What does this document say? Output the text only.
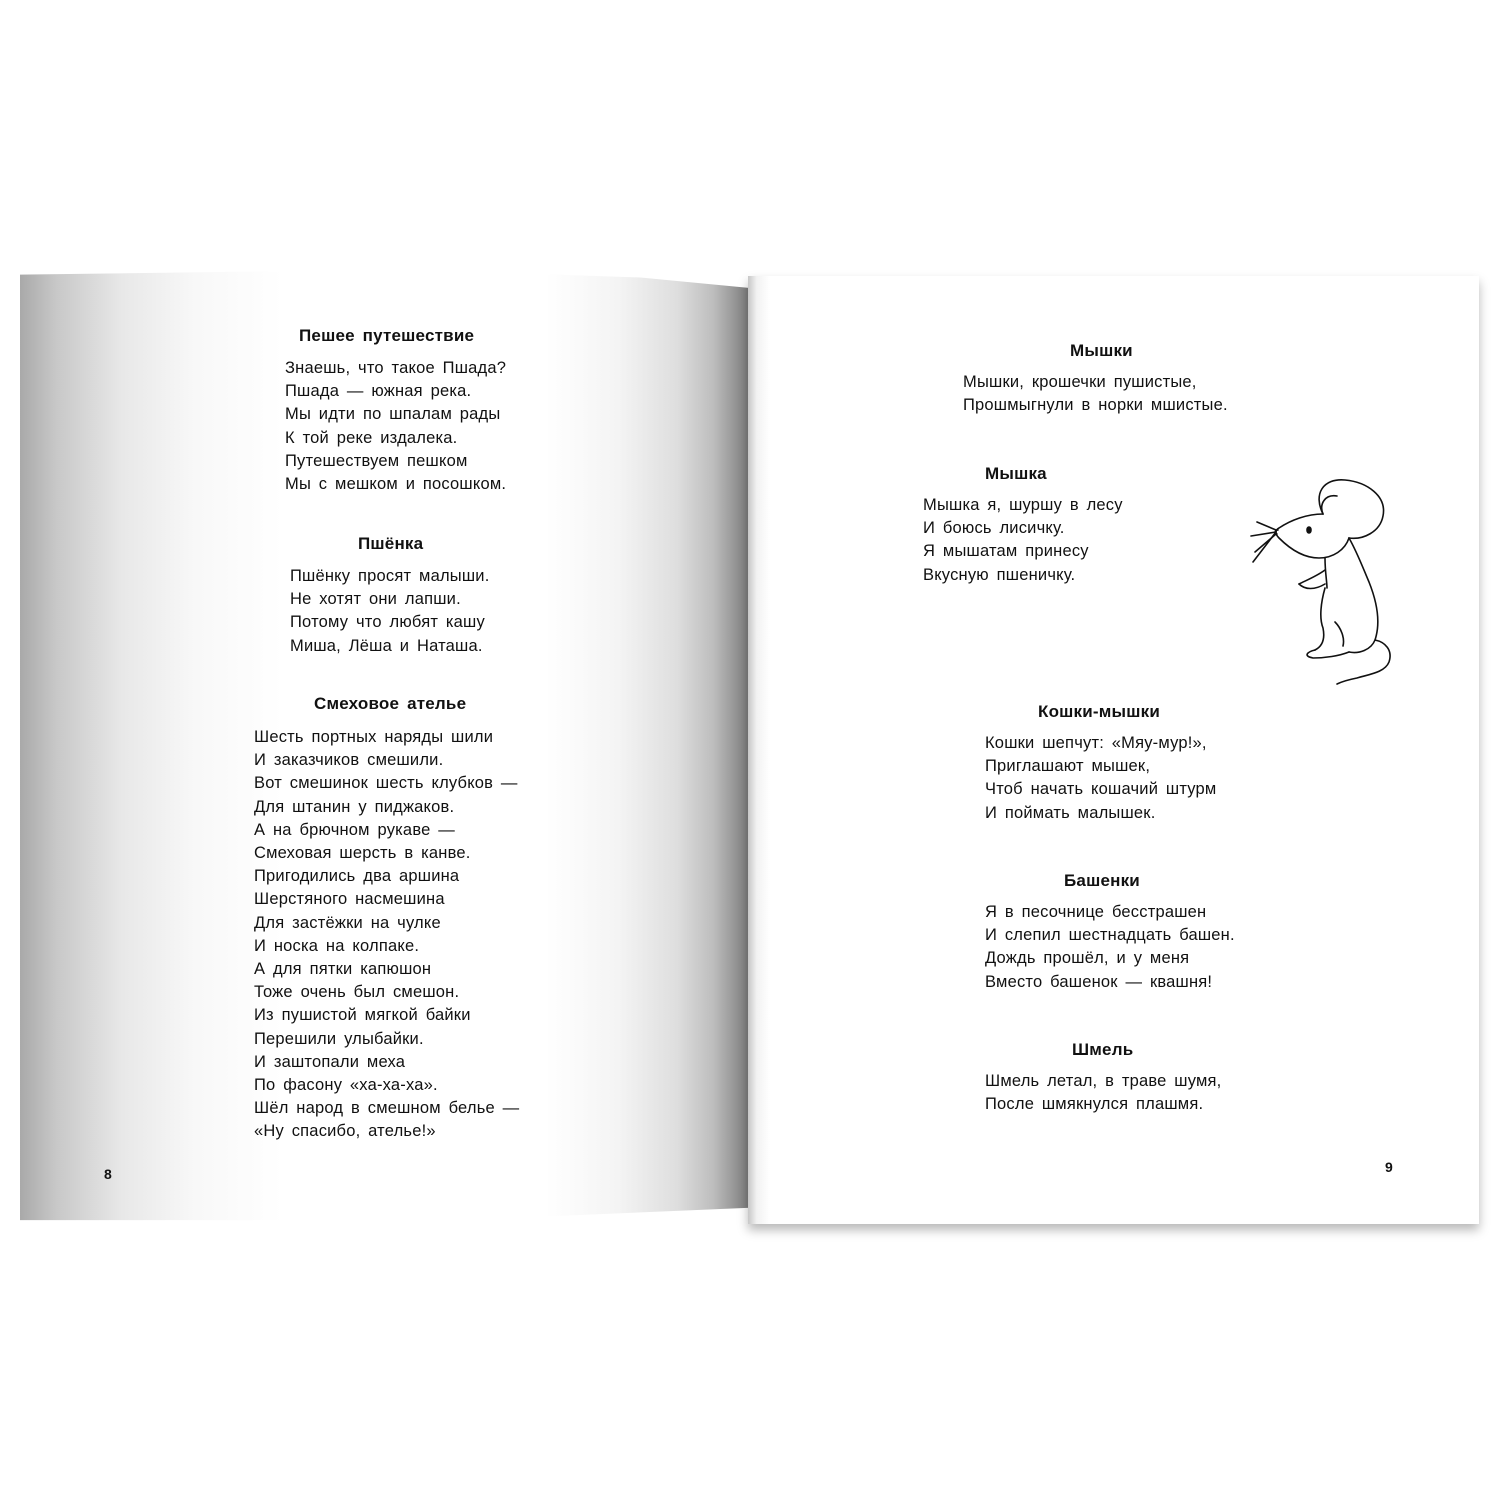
Пешее путешествие
Знаешь, что такое Пшада?
Пшада — южная река.
Мы идти по шпалам рады
К той реке издалека.
Путешествуем пешком
Мы с мешком и посошком.
Пшёнка
Пшёнку просят малыши.
Не хотят они лапши.
Потому что любят кашу
Миша, Лёша и Наташа.
Смеховое ателье
Шесть портных наряды шили
И заказчиков смешили.
Вот смешинок шесть клубков —
Для штанин у пиджаков.
А на брючном рукаве —
Смеховая шерсть в канве.
Пригодились два аршина
Шерстяного насмешина
Для застёжки на чулке
И носка на колпаке.
А для пятки капюшон
Тоже очень был смешон.
Из пушистой мягкой байки
Перешили улыбайки.
И заштопали меха
По фасону «ха-ха-ха».
Шёл народ в смешном белье —
«Ну спасибо, ателье!»
8
Мышки
Мышки, крошечки пушистые,
Прошмыгнули в норки мшистые.
Мышка
Мышка я, шуршу в лесу
И боюсь лисичку.
Я мышатам принесу
Вкусную пшеничку.
Кошки-мышки
Кошки шепчут: «Мяу-мур!»,
Приглашают мышек,
Чтоб начать кошачий штурм
И поймать малышек.
Башенки
Я в песочнице бесстрашен
И слепил шестнадцать башен.
Дождь прошёл, и у меня
Вместо башенок — квашня!
Шмель
Шмель летал, в траве шумя,
После шмякнулся плашмя.
9
